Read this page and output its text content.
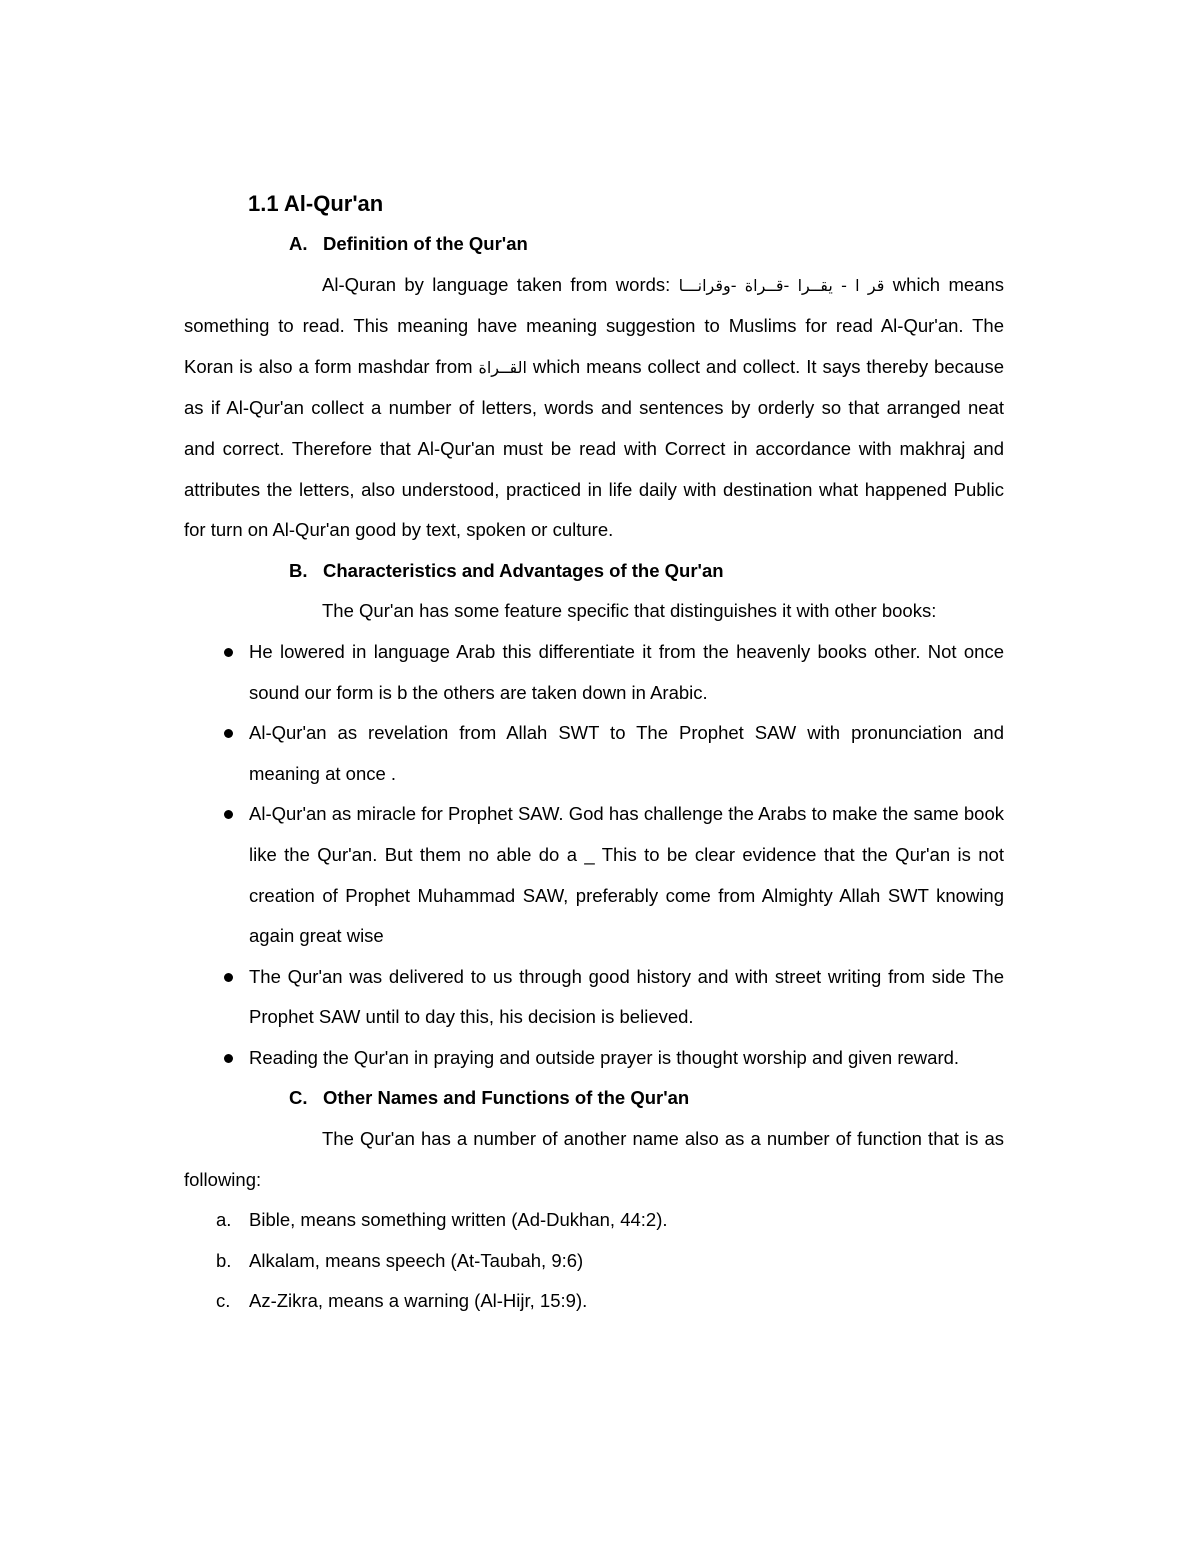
1.1 Al-Qur'an
A. Definition of the Qur'an

Al-Quran by language taken from words: قر ا - يقــرا -قــراة -وقرانـــا which means something to read. This meaning have meaning suggestion to Muslims for read Al-Qur'an. The Koran is also a form mashdar from القــراة which means collect and collect. It says thereby because as if Al-Qur'an collect a number of letters, words and sentences by orderly so that arranged neat and correct. Therefore that Al-Qur'an must be read with Correct in accordance with makhraj and attributes the letters, also understood, practiced in life daily with destination what happened Public for turn on Al-Qur'an good by text, spoken or culture.

B. Characteristics and Advantages of the Qur'an
The Qur'an has some feature specific that distinguishes it with other books:
He lowered in language Arab this differentiate it from the heavenly books other. Not once sound our form is b the others are taken down in Arabic.
Al-Qur'an as revelation from Allah SWT to The Prophet SAW with pronunciation and meaning at once .
Al-Qur'an as miracle for Prophet SAW. God has challenge the Arabs to make the same book like the Qur'an. But them no able do a _ This to be clear evidence that the Qur'an is not creation of Prophet Muhammad SAW, preferably come from Almighty Allah SWT knowing again great wise
The Qur'an was delivered to us through good history and with street writing from side The Prophet SAW until to day this, his decision is believed.
Reading the Qur'an in praying and outside prayer is thought worship and given reward.
C. Other Names and Functions of the Qur'an

The Qur'an has a number of another name also as a number of function that is as following:

a. Bible, means something written (Ad-Dukhan, 44:2).
b. Alkalam, means speech (At-Taubah, 9:6)
c. Az-Zikra, means a warning (Al-Hijr, 15:9).
